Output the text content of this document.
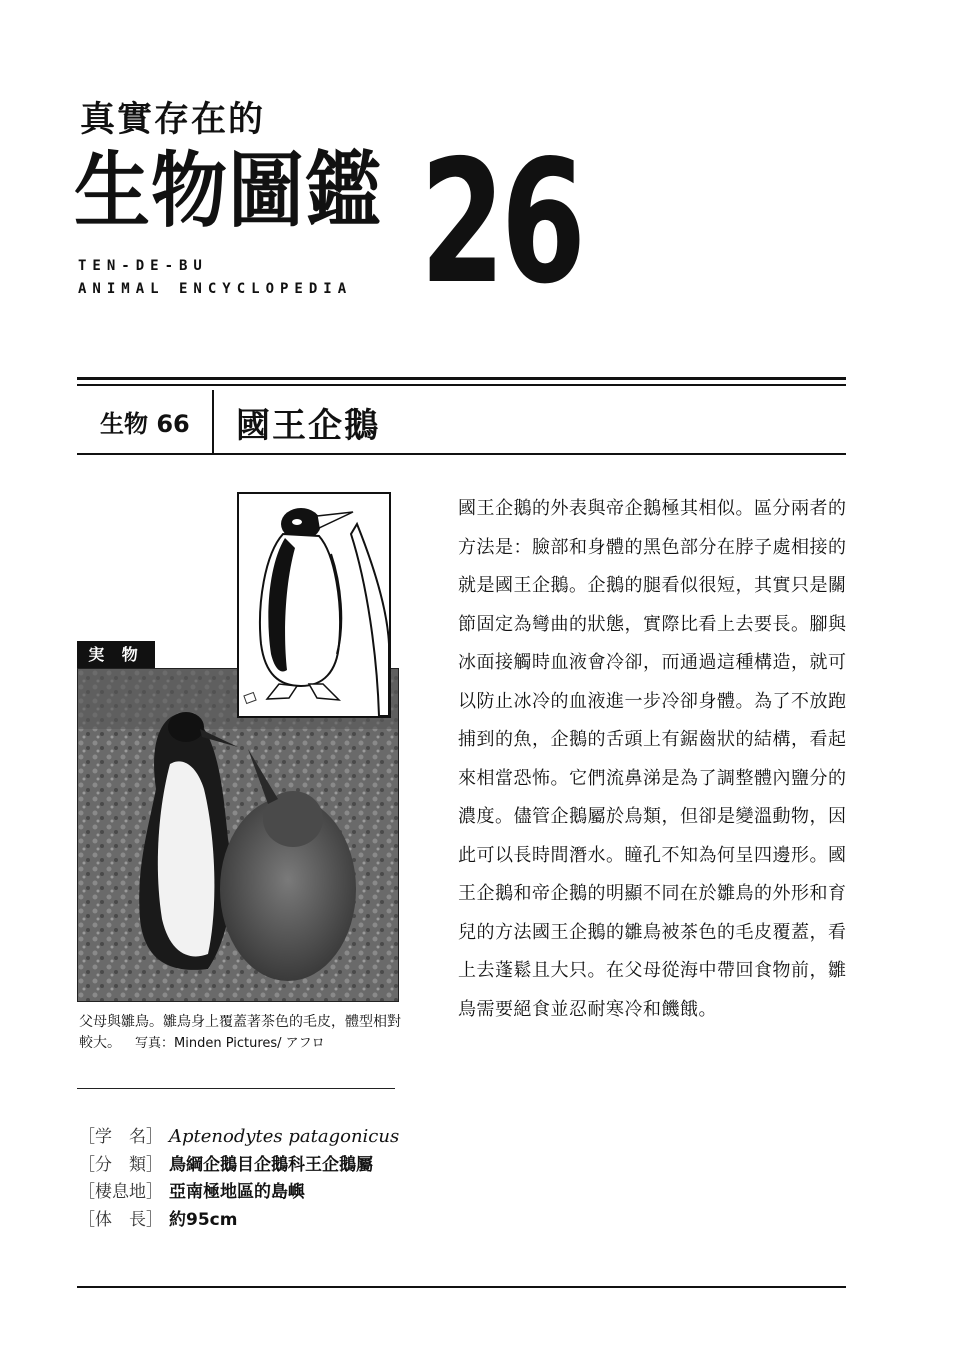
真實存在的
生物圖鑑 26
TEN-DE-BU
ANIMAL ENCYCLOPEDIA
生物 66 國王企鵝
実 物
父母與雛鳥。雛鳥身上覆蓋著茶色的毛皮，體型相對較大。 写真：Minden Pictures/ アフロ
國王企鵝的外表與帝企鵝極其相似。區分兩者的方法是：臉部和身體的黑色部分在脖子處相接的就是國王企鵝。企鵝的腿看似很短，其實只是關節固定為彎曲的狀態，實際比看上去要長。腳與冰面接觸時血液會冷卻，而通過這種構造，就可以防止冰冷的血液進一步冷卻身體。為了不放跑捕到的魚，企鵝的舌頭上有鋸齒狀的結構，看起來相當恐怖。它們流鼻涕是為了調整體內鹽分的濃度。儘管企鵝屬於鳥類，但卻是變溫動物，因此可以長時間潛水。瞳孔不知為何呈四邊形。國王企鵝和帝企鵝的明顯不同在於雛鳥的外形和育兒的方法國王企鵝的雛鳥被茶色的毛皮覆蓋，看上去蓬鬆且大只。在父母從海中帶回食物前，雛鳥需要絕食並忍耐寒冷和饑餓。
［学　名］ Aptenodytes patagonicus
［分　類］ 鳥綱企鵝目企鵝科王企鵝屬
［棲息地］ 亞南極地區的島嶼
［体　長］ 約95cm
